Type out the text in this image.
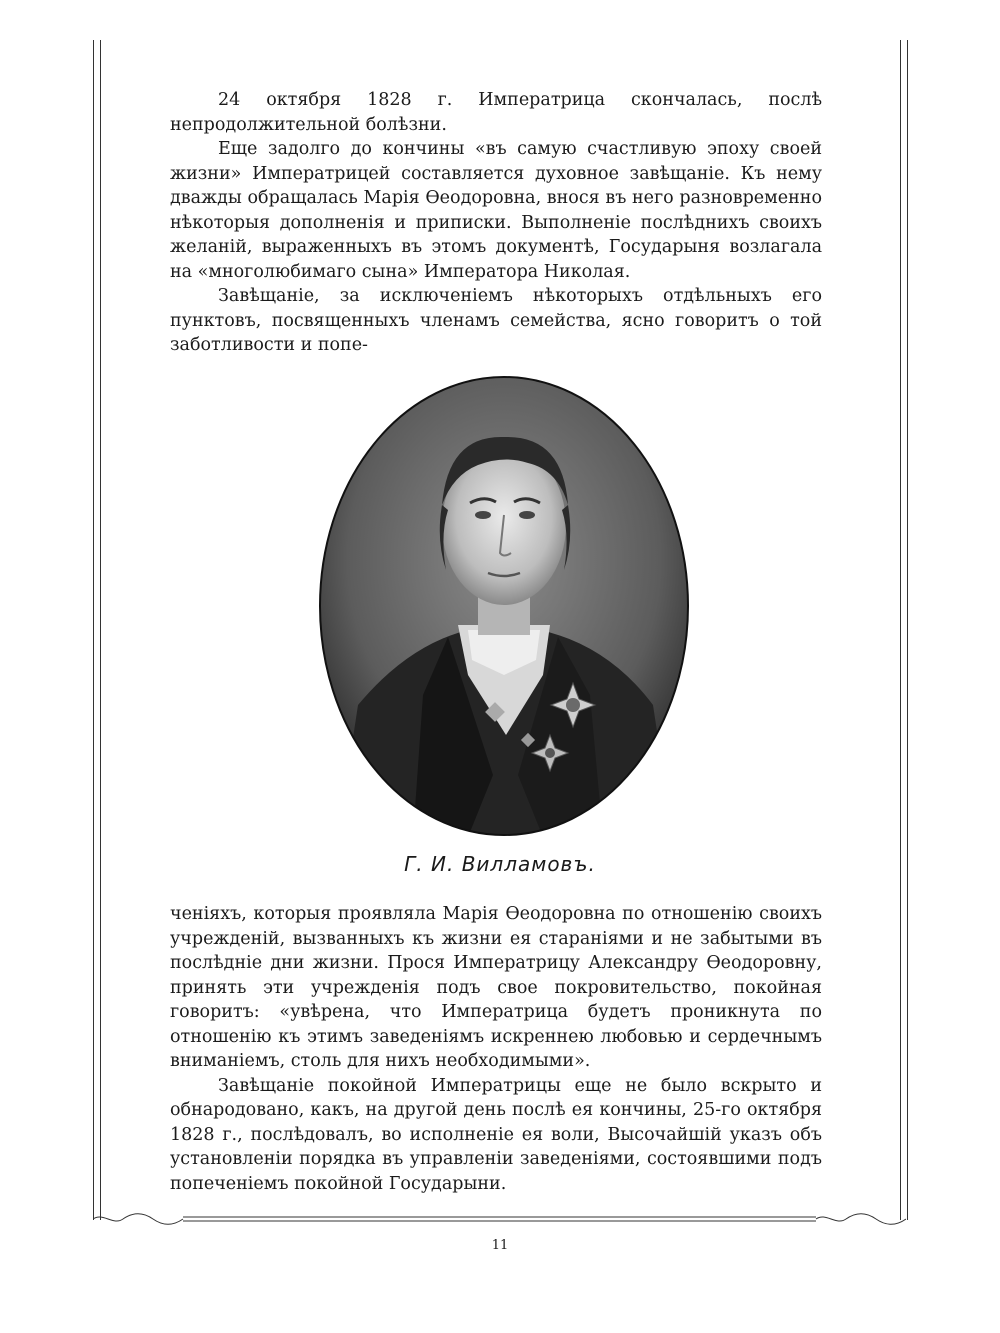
24 октября 1828 г. Императрица скончалась, послѣ непродолжительной болѣзни.

Еще задолго до кончины «въ самую счастливую эпоху своей жизни» Императрицей составляется духовное завѣщаніе. Къ нему дважды обращалась Марія Ѳеодоровна, внося въ него разновременно нѣкоторыя дополненія и приписки. Выполненіе послѣднихъ своихъ желаній, выраженныхъ въ этомъ документѣ, Государыня возлагала на «многолюбимаго сына» Императора Николая.

Завѣщаніе, за исключеніемъ нѣкоторыхъ отдѣльныхъ его пунктовъ, посвященныхъ членамъ семейства, ясно говоритъ о той заботливости и попе-

Г. И. Вилламовъ.

ченіяхъ, которыя проявляла Марія Ѳеодоровна по отношенію своихъ учрежденій, вызванныхъ къ жизни ея стараніями и не забытыми въ послѣдніе дни жизни. Прося Императрицу Александру Ѳеодоровну, принять эти учрежденія подъ свое покровительство, покойная говоритъ: «увѣрена, что Императрица будетъ проникнута по отношенію къ этимъ заведеніямъ искреннею любовью и сердечнымъ вниманіемъ, столь для нихъ необходимыми».

Завѣщаніе покойной Императрицы еще не было вскрыто и обнародовано, какъ, на другой день послѣ ея кончины, 25-го октября 1828 г., послѣдовалъ, во исполненіе ея воли, Высочайшій указъ объ установленіи порядка въ управленіи заведеніями, состоявшими подъ попеченіемъ покойной Государыни.

11
